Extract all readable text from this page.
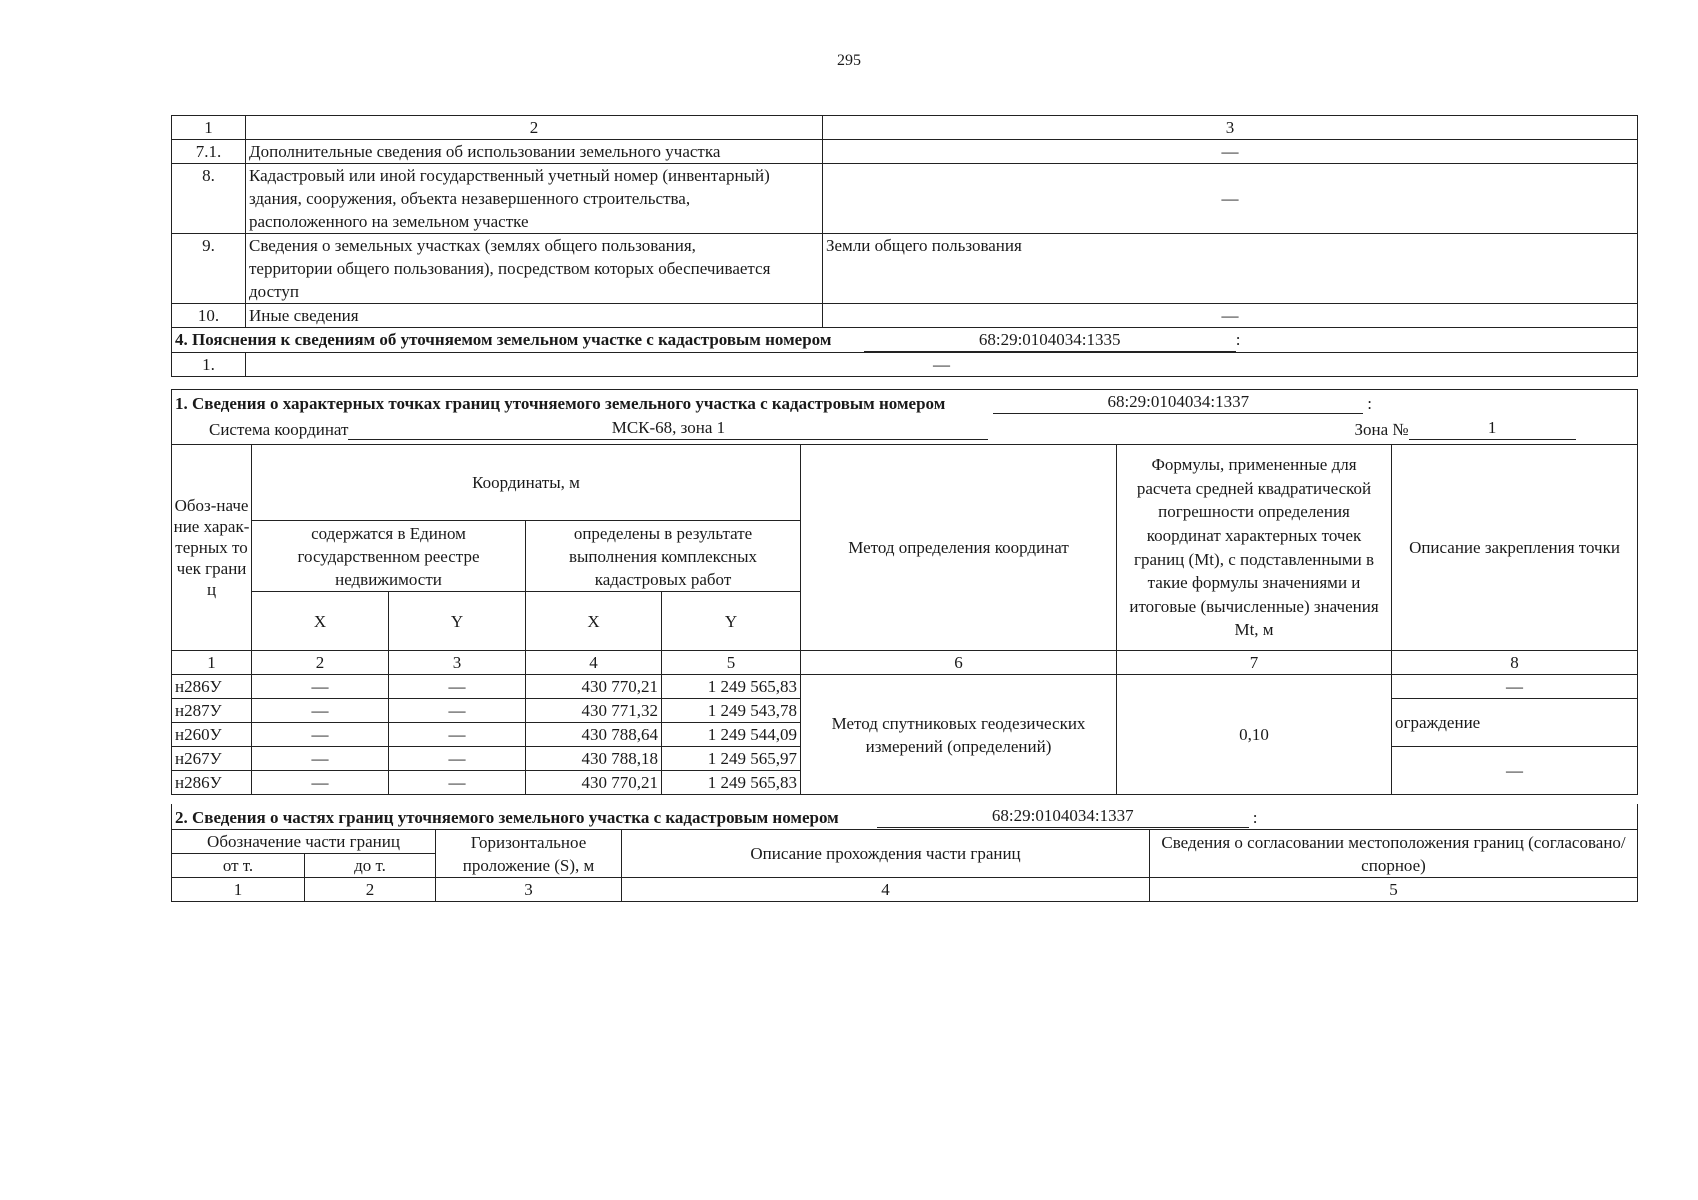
295
1	2	3
7.1.	Дополнительные сведения об использовании земельного участка	—
8.	Кадастровый или иной государственный учетный номер (инвентарный) здания, сооружения, объекта незавершенного строительства, расположенного на земельном участке	—
9.	Сведения о земельных участках (землях общего пользования, территории общего пользования), посредством которых обеспечивается доступ	Земли общего пользования
10.	Иные сведения	—
4. Пояснения к сведениям об уточняемом земельном участке с кадастровым номером 68:29:0104034:1335 :		
1.	—	
1. Сведения о характерных точках границ уточняемого земельного участка с кадастровым номером	68:29:0104034:1337	:
Система координат	МСК-68, зона 1	Зона №	1
Обоз-начение харак-терных точек границ	Координаты, м				Метод определения координат	Формулы, примененные для расчета средней квадратической погрешности определения координат характерных точек границ (Mt), с подставленными в такие формулы значениями и итоговые (вычисленные) значения Mt, м	Описание закрепления точки
	содержатся в Едином государственном реестре недвижимости		определены в результате выполнения комплексных кадастровых работ				
	X	Y	X	Y			
1	2	3	4	5	6	7	8
н286У	—	—	430 770,21	1 249 565,83	Метод спутниковых геодезических измерений (определений)	0,10	—
н287У	—	—	430 771,32	1 249 543,78			ограждение
н260У	—	—	430 788,64	1 249 544,09			
н267У	—	—	430 788,18	1 249 565,97			—
н286У	—	—	430 770,21	1 249 565,83			
2. Сведения о частях границ уточняемого земельного участка с кадастровым номером	68:29:0104034:1337	:
Обозначение части границ		Горизонтальное проложение (S), м	Описание прохождения части границ	Сведения о согласовании местоположения границ (согласовано/спорное)
от т.	до т.			
1	2	3	4	5
